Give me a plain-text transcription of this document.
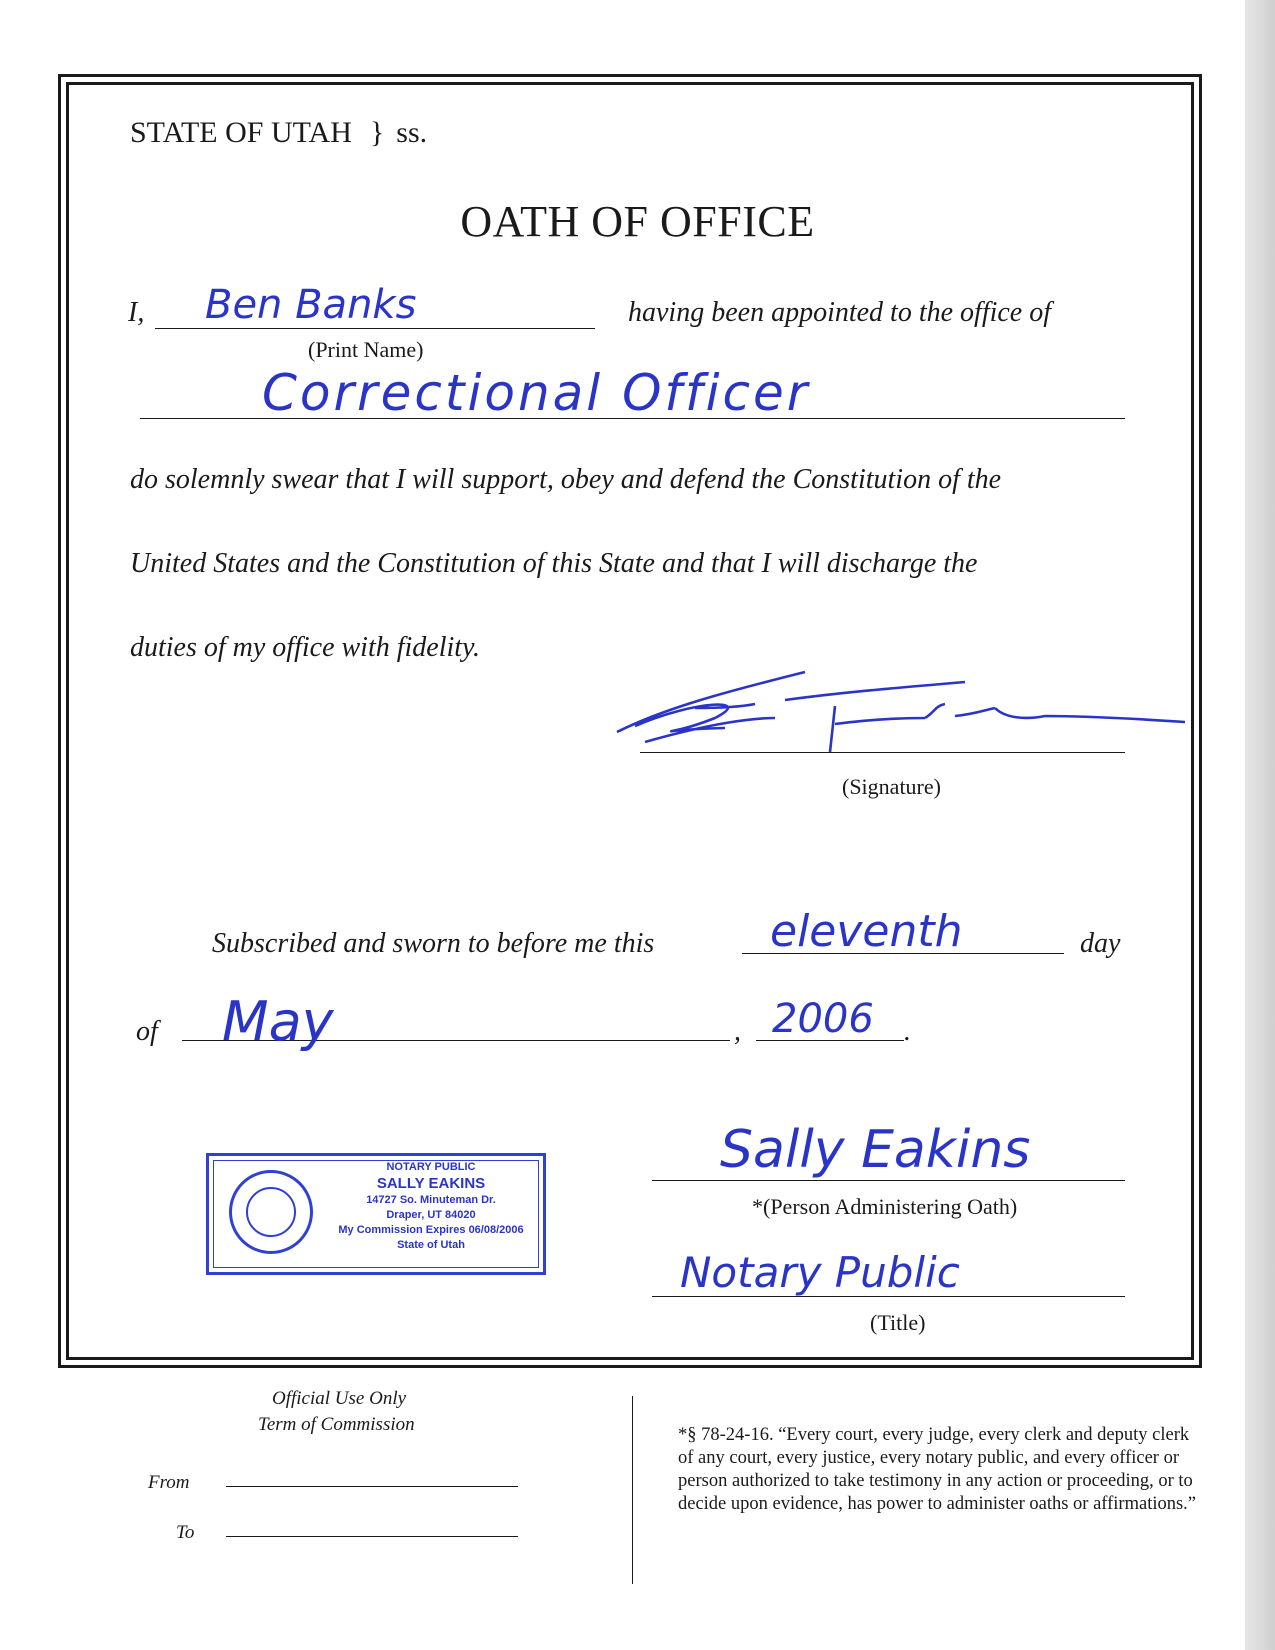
STATE OF UTAH } ss.
OATH OF OFFICE
I, Ben Banks
(Print Name)
having been appointed to the office of
Correctional Officer
do solemnly swear that I will support, obey and defend the Constitution of the
United States and the Constitution of this State and that I will discharge the
duties of my office with fidelity.
(Signature)
Subscribed and sworn to before me this	eleventh	day
of May	, 2006 .
NOTARY PUBLIC
SALLY EAKINS
14727 So. Minuteman Dr.
Draper, UT 84020
My Commission Expires 06/08/2006
State of Utah
Sally Eakins
*(Person Administering Oath)
Notary Public
(Title)
Official Use Only
Term of Commission
From
To
*§ 78-24-16. “Every court, every judge, every clerk and deputy clerk of any court, every justice, every notary public, and every officer or person authorized to take testimony in any action or proceeding, or to decide upon evidence, has power to administer oaths or affirmations.”
